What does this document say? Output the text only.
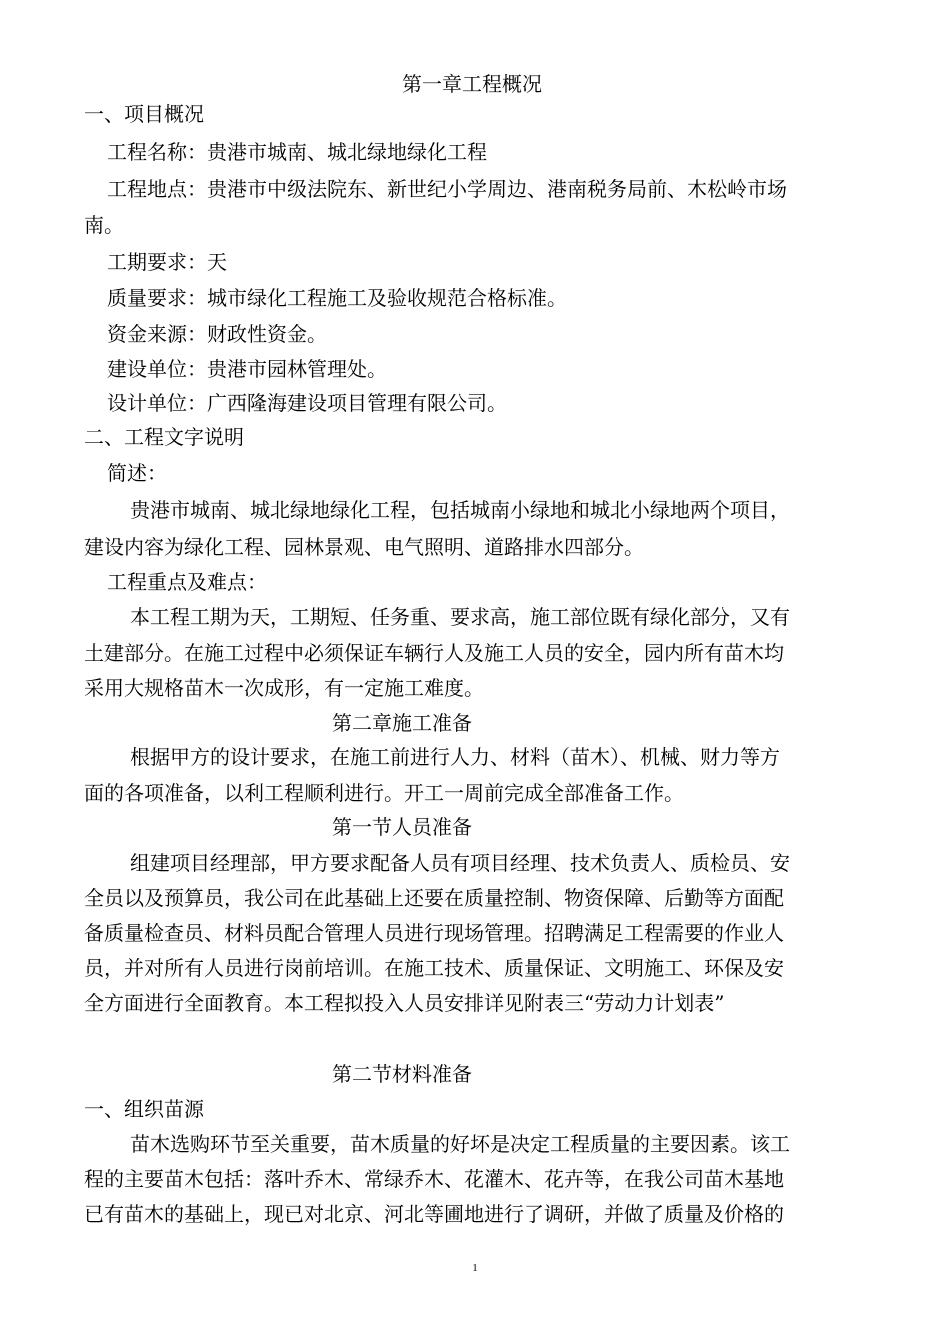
第一章工程概况
一、项目概况
工程名称：贵港市城南、城北绿地绿化工程
工程地点：贵港市中级法院东、新世纪小学周边、港南税务局前、木松岭市场
南。
工期要求：天
质量要求：城市绿化工程施工及验收规范合格标准。
资金来源：财政性资金。
建设单位：贵港市园林管理处。
设计单位：广西隆海建设项目管理有限公司。
二、工程文字说明
简述：
贵港市城南、城北绿地绿化工程，包括城南小绿地和城北小绿地两个项目，
建设内容为绿化工程、园林景观、电气照明、道路排水四部分。
工程重点及难点：
本工程工期为天，工期短、任务重、要求高，施工部位既有绿化部分，又有
土建部分。在施工过程中必须保证车辆行人及施工人员的安全，园内所有苗木均
采用大规格苗木一次成形，有一定施工难度。
第二章施工准备
根据甲方的设计要求，在施工前进行人力、材料（苗木）、机械、财力等方
面的各项准备，以利工程顺利进行。开工一周前完成全部准备工作。
第一节人员准备
组建项目经理部，甲方要求配备人员有项目经理、技术负责人、质检员、安
全员以及预算员，我公司在此基础上还要在质量控制、物资保障、后勤等方面配
备质量检查员、材料员配合管理人员进行现场管理。招聘满足工程需要的作业人
员，并对所有人员进行岗前培训。在施工技术、质量保证、文明施工、环保及安
全方面进行全面教育。本工程拟投入人员安排详见附表三“劳动力计划表”
第二节材料准备
一、组织苗源
苗木选购环节至关重要，苗木质量的好坏是决定工程质量的主要因素。该工
程的主要苗木包括：落叶乔木、常绿乔木、花灌木、花卉等，在我公司苗木基地
已有苗木的基础上，现已对北京、河北等圃地进行了调研，并做了质量及价格的
1
